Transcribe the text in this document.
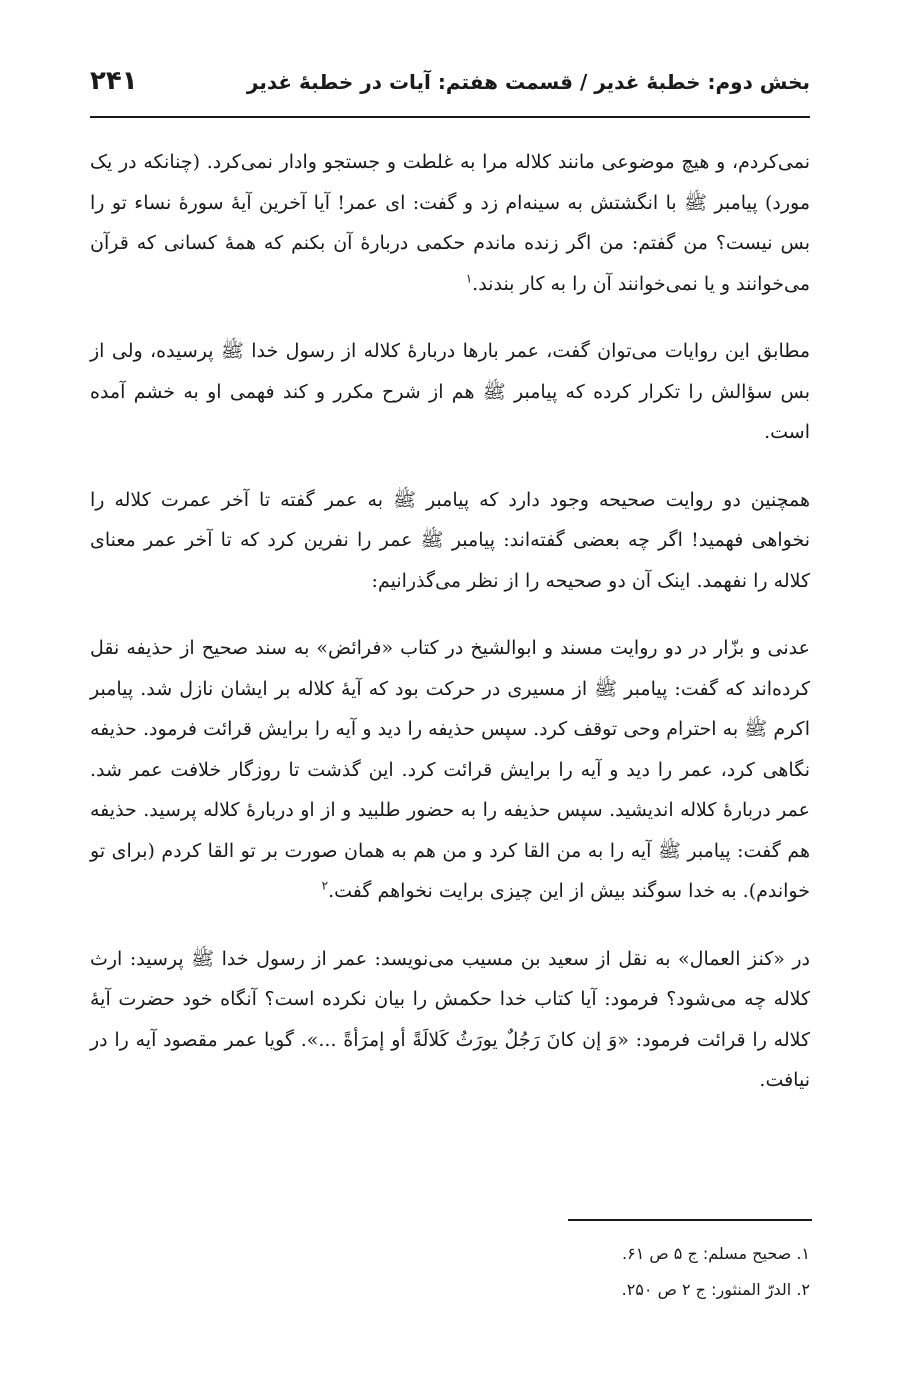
بخش دوم: خطبهٔ غدیر / قسمت هفتم: آیات در خطبهٔ غدیر
۲۴۱

نمی‌کردم، و هیچ موضوعی مانند کلاله مرا به غلطت و جستجو وادار نمی‌کرد. (چنانکه در یک مورد) پیامبر ﷺ با انگشتش به سینه‌ام زد و گفت: ای عمر! آیا آخرین آیهٔ سورهٔ نساء تو را بس نیست؟ من گفتم: من اگر زنده ماندم حکمی دربارهٔ آن بکنم که همهٔ کسانی که قرآن می‌خوانند و یا نمی‌خوانند آن را به کار بندند.$^۱$

مطابق این روایات می‌توان گفت، عمر بارها دربارهٔ کلاله از رسول خدا ﷺ پرسیده، ولی از بس سؤالش را تکرار کرده که پیامبر ﷺ هم از شرح مکرر و کند فهمی او به خشم آمده است.

همچنین دو روایت صحیحه وجود دارد که پیامبر ﷺ به عمر گفته تا آخر عمرت کلاله را نخواهی فهمید! اگر چه بعضی گفته‌اند: پیامبر ﷺ عمر را نفرین کرد که تا آخر عمر معنای کلاله را نفهمد. اینک آن دو صحیحه را از نظر می‌گذرانیم:

عدنی و بزّار در دو روایت مسند و ابوالشیخ در کتاب «فرائض» به سند صحیح از حذیفه نقل کرده‌اند که گفت: پیامبر ﷺ از مسیری در حرکت بود که آیهٔ کلاله بر ایشان نازل شد. پیامبر اکرم ﷺ به احترام وحی توقف کرد. سپس حذیفه را دید و آیه را برایش قرائت فرمود. حذیفه نگاهی کرد، عمر را دید و آیه را برایش قرائت کرد. این گذشت تا روزگار خلافت عمر شد. عمر دربارهٔ کلاله اندیشید. سپس حذیفه را به حضور طلبید و از او دربارهٔ کلاله پرسید. حذیفه هم گفت: پیامبر ﷺ آیه را به من القا کرد و من هم به همان صورت بر تو القا کردم (برای تو خواندم). به خدا سوگند بیش از این چیزی برایت نخواهم گفت.$^۲$

در «کنز العمال» به نقل از سعید بن مسیب می‌نویسد: عمر از رسول خدا ﷺ پرسید: ارث کلاله چه می‌شود؟ فرمود: آیا کتاب خدا حکمش را بیان نکرده است؟ آنگاه خود حضرت آیهٔ کلاله را قرائت فرمود: «وَ إن كانَ رَجُلٌ يورَثُ كَلالَةً أو إمرَأةً ...». گویا عمر مقصود آیه را در نیافت.

۱. صحیح مسلم: ج ۵ ص ۶۱.
۲. الدرّ المنثور: ج ۲ ص ۲۵۰.
